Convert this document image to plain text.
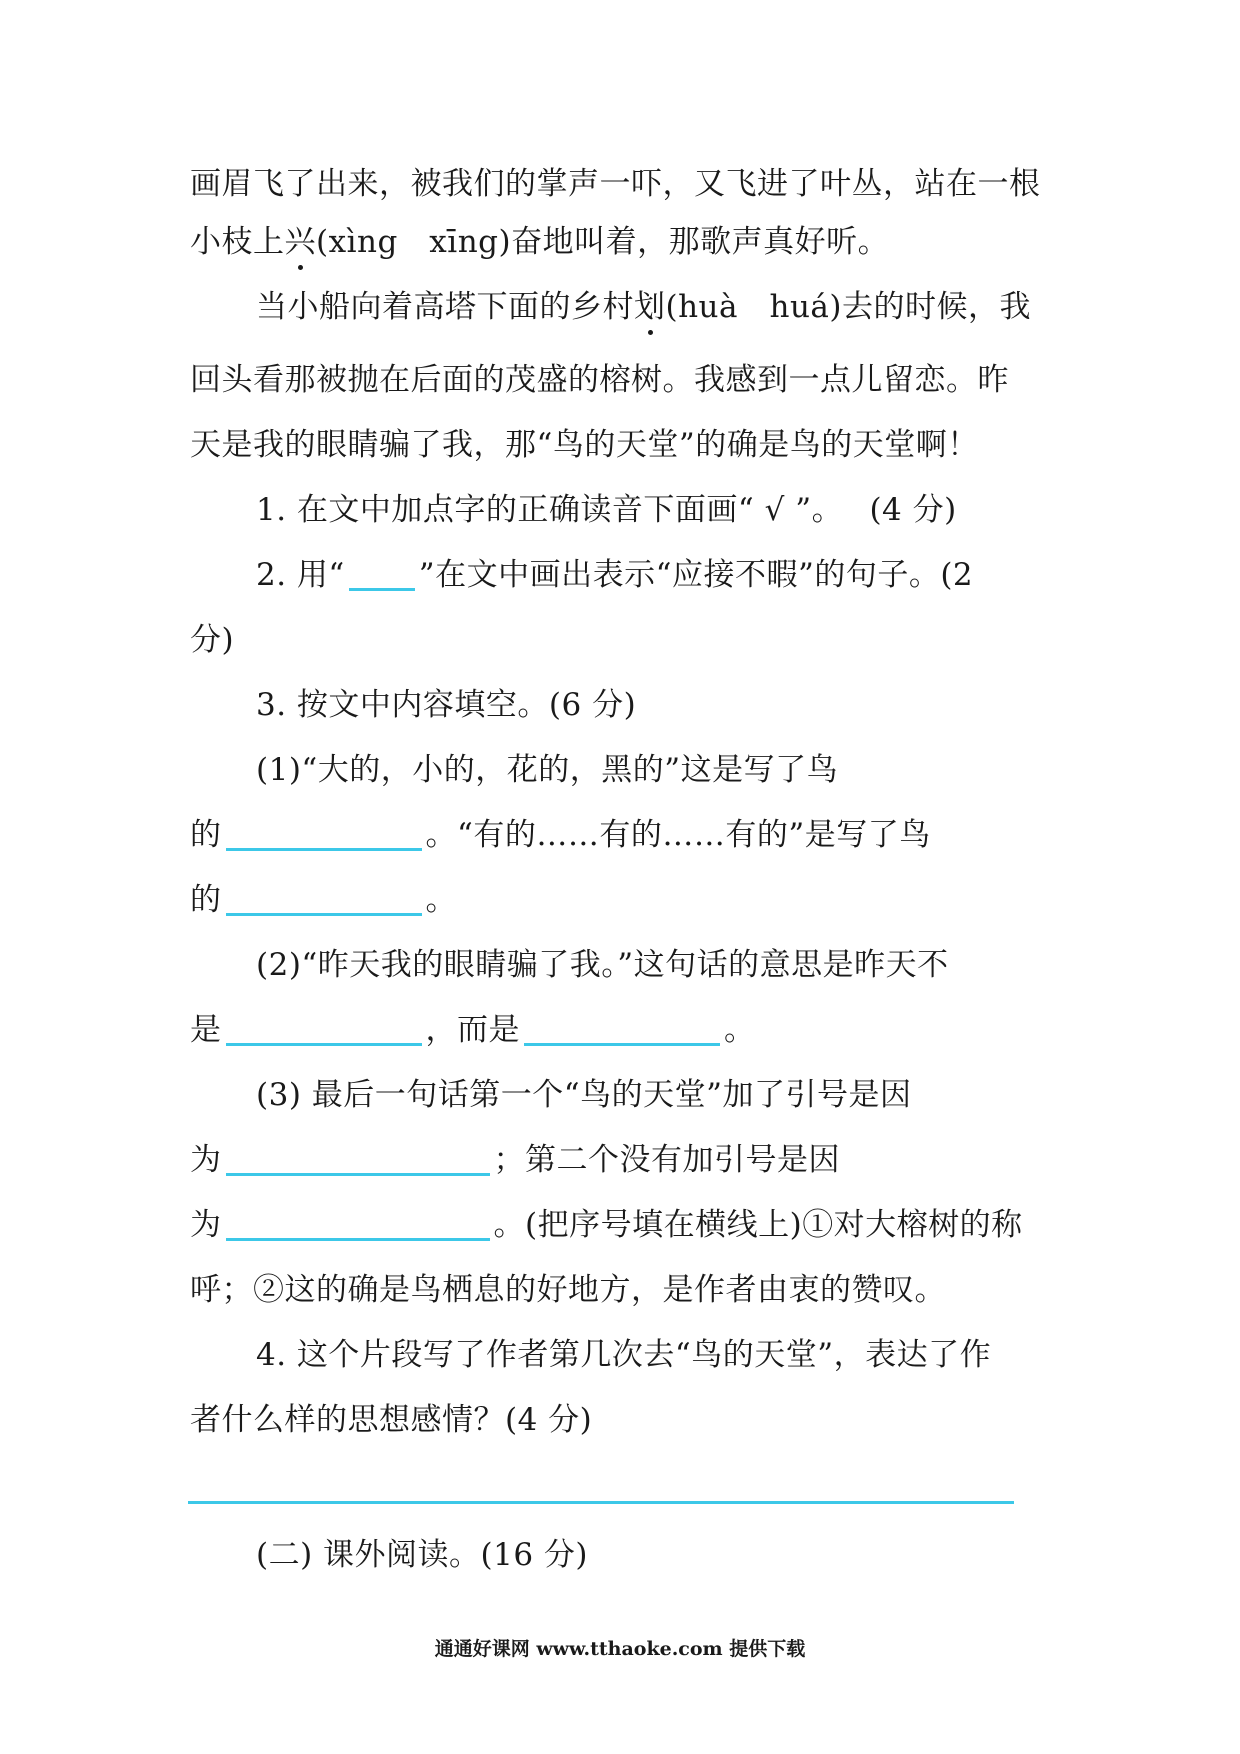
画眉飞了出来，被我们的掌声一吓，又飞进了叶丛，站在一根
小枝上兴(xìng　xīng)奋地叫着，那歌声真好听。
当小船向着高塔下面的乡村划(huà　huá)去的时候，我
回头看那被抛在后面的茂盛的榕树。我感到一点儿留恋。昨
天是我的眼睛骗了我，那“鸟的天堂”的确是鸟的天堂啊！
1. 在文中加点字的正确读音下面画“ √ ”。　 (4 分)
2. 用“ ”在文中画出表示“应接不暇”的句子。(2
分)
3. 按文中内容填空。(6 分)
(1)“大的，小的，花的，黑的”这是写了鸟
的	。“有的……有的……有的”是写了鸟
的	。
(2)“昨天我的眼睛骗了我。”这句话的意思是昨天不
是	，而是	。
(3) 最后一句话第一个“鸟的天堂”加了引号是因
为	；第二个没有加引号是因
为	。(把序号填在横线上)①对大榕树的称
呼；②这的确是鸟栖息的好地方，是作者由衷的赞叹。
4. 这个片段写了作者第几次去“鸟的天堂”，表达了作
者什么样的思想感情？(4 分)
(二) 课外阅读。(16 分)
通通好课网 www.tthaoke.com 提供下载
